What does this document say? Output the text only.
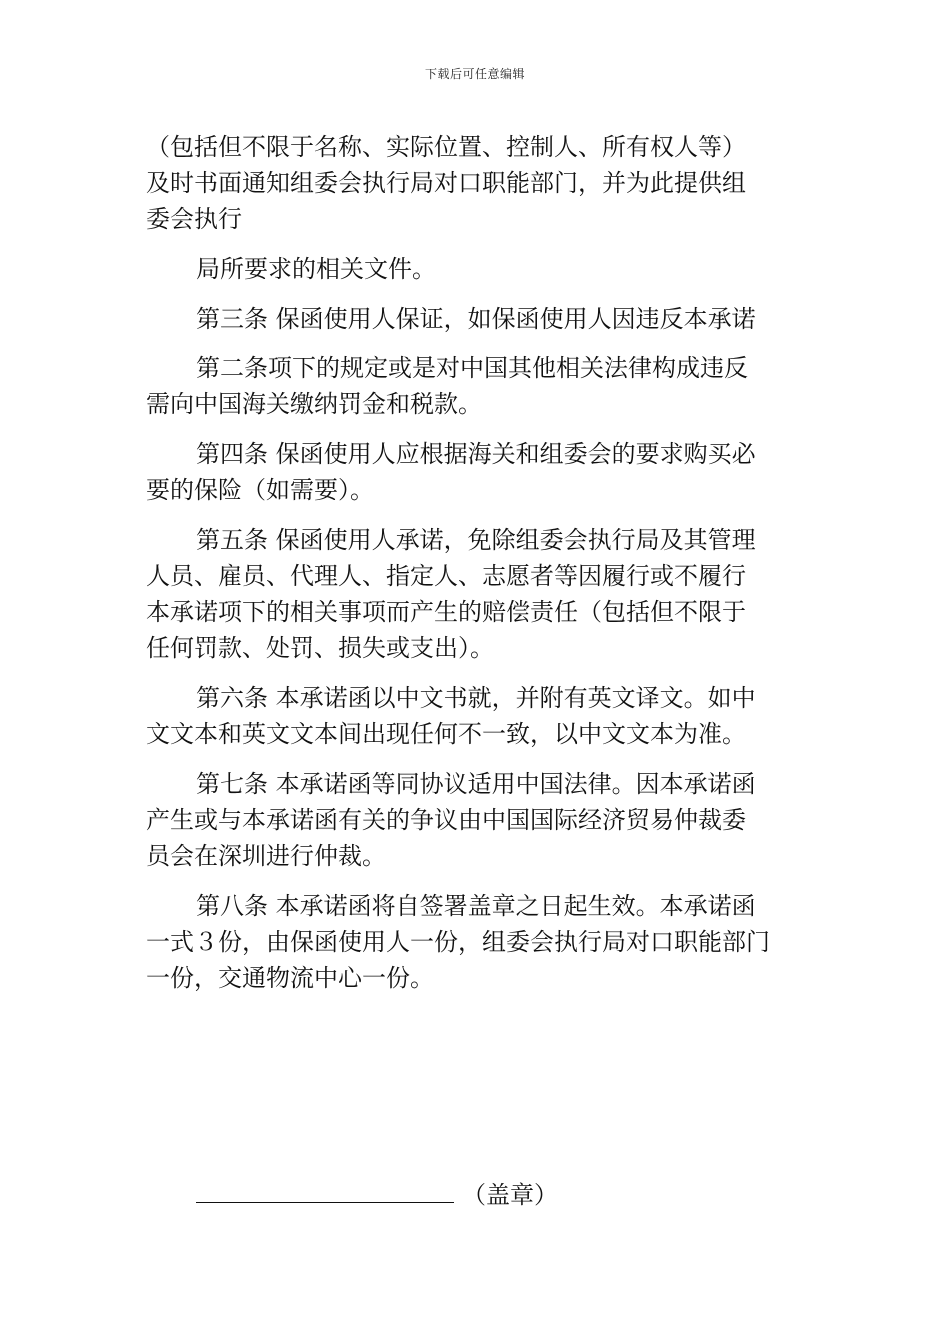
下载后可任意编辑

（包括但不限于名称、实际位置、控制人、所有权人等）
及时书面通知组委会执行局对口职能部门，并为此提供组
委会执行

局所要求的相关文件。

第三条 保函使用人保证，如保函使用人因违反本承诺

第二条项下的规定或是对中国其他相关法律构成违反
需向中国海关缴纳罚金和税款。

第四条 保函使用人应根据海关和组委会的要求购买必
要的保险（如需要）。

第五条 保函使用人承诺，免除组委会执行局及其管理
人员、雇员、代理人、指定人、志愿者等因履行或不履行
本承诺项下的相关事项而产生的赔偿责任（包括但不限于
任何罚款、处罚、损失或支出）。

第六条 本承诺函以中文书就，并附有英文译文。如中
文文本和英文文本间出现任何不一致，以中文文本为准。

第七条 本承诺函等同协议适用中国法律。因本承诺函
产生或与本承诺函有关的争议由中国国际经济贸易仲裁委
员会在深圳进行仲裁。

第八条 本承诺函将自签署盖章之日起生效。本承诺函
一式３份，由保函使用人一份，组委会执行局对口职能部门
一份，交通物流中心一份。

（盖章）
